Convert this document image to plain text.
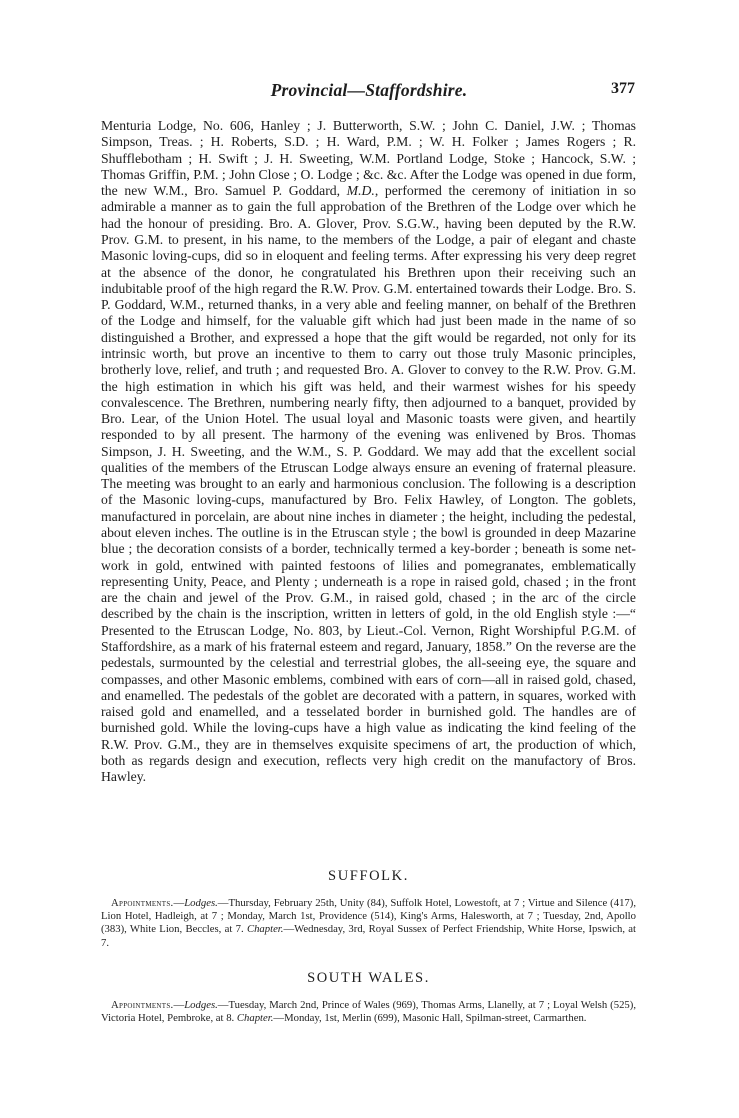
Provincial—Staffordshire.	377

Menturia Lodge, No. 606, Hanley ; J. Butterworth, S.W. ; John C. Daniel, J.W. ; Thomas Simpson, Treas. ; H. Roberts, S.D. ; H. Ward, P.M. ; W. H. Folker ; James Rogers ; R. Shufflebotham ; H. Swift ; J. H. Sweeting, W.M. Portland Lodge, Stoke ; Hancock, S.W. ; Thomas Griffin, P.M. ; John Close ; O. Lodge ; &c. &c. After the Lodge was opened in due form, the new W.M., Bro. Samuel P. Goddard, M.D., performed the ceremony of initiation in so admirable a manner as to gain the full approbation of the Brethren of the Lodge over which he had the honour of presiding. Bro. A. Glover, Prov. S.G.W., having been deputed by the R.W. Prov. G.M. to present, in his name, to the members of the Lodge, a pair of elegant and chaste Masonic loving-cups, did so in eloquent and feeling terms. After expressing his very deep regret at the absence of the donor, he congratulated his Brethren upon their receiving such an indubitable proof of the high regard the R.W. Prov. G.M. entertained towards their Lodge. Bro. S. P. Goddard, W.M., returned thanks, in a very able and feeling manner, on behalf of the Brethren of the Lodge and himself, for the valuable gift which had just been made in the name of so distinguished a Brother, and expressed a hope that the gift would be regarded, not only for its intrinsic worth, but prove an incentive to them to carry out those truly Masonic principles, brotherly love, relief, and truth ; and requested Bro. A. Glover to convey to the R.W. Prov. G.M. the high estimation in which his gift was held, and their warmest wishes for his speedy convalescence. The Brethren, numbering nearly fifty, then adjourned to a banquet, provided by Bro. Lear, of the Union Hotel. The usual loyal and Masonic toasts were given, and heartily responded to by all present. The harmony of the evening was enlivened by Bros. Thomas Simpson, J. H. Sweeting, and the W.M., S. P. Goddard. We may add that the excellent social qualities of the members of the Etruscan Lodge always ensure an evening of fraternal pleasure. The meeting was brought to an early and harmonious conclusion. The following is a description of the Masonic loving-cups, manufactured by Bro. Felix Hawley, of Longton. The goblets, manufactured in porcelain, are about nine inches in diameter ; the height, including the pedestal, about eleven inches. The outline is in the Etruscan style ; the bowl is grounded in deep Mazarine blue ; the decoration consists of a border, technically termed a key-border ; beneath is some net-work in gold, entwined with painted festoons of lilies and pomegranates, emblematically representing Unity, Peace, and Plenty ; underneath is a rope in raised gold, chased ; in the front are the chain and jewel of the Prov. G.M., in raised gold, chased ; in the arc of the circle described by the chain is the inscription, written in letters of gold, in the old English style :—“ Presented to the Etruscan Lodge, No. 803, by Lieut.-Col. Vernon, Right Worshipful P.G.M. of Staffordshire, as a mark of his fraternal esteem and regard, January, 1858.” On the reverse are the pedestals, surmounted by the celestial and terrestrial globes, the all-seeing eye, the square and compasses, and other Masonic emblems, combined with ears of corn—all in raised gold, chased, and enamelled. The pedestals of the goblet are decorated with a pattern, in squares, worked with raised gold and enamelled, and a tesselated border in burnished gold. The handles are of burnished gold. While the loving-cups have a high value as indicating the kind feeling of the R.W. Prov. G.M., they are in themselves exquisite specimens of art, the production of which, both as regards design and execution, reflects very high credit on the manufactory of Bros. Hawley.

SUFFOLK.
Appointments.—Lodges.—Thursday, February 25th, Unity (84), Suffolk Hotel, Lowestoft, at 7 ; Virtue and Silence (417), Lion Hotel, Hadleigh, at 7 ; Monday, March 1st, Providence (514), King's Arms, Halesworth, at 7 ; Tuesday, 2nd, Apollo (383), White Lion, Beccles, at 7. Chapter.—Wednesday, 3rd, Royal Sussex of Perfect Friendship, White Horse, Ipswich, at 7.
SOUTH WALES.
Appointments.—Lodges.—Tuesday, March 2nd, Prince of Wales (969), Thomas Arms, Llanelly, at 7 ; Loyal Welsh (525), Victoria Hotel, Pembroke, at 8. Chapter.—Monday, 1st, Merlin (699), Masonic Hall, Spilman-street, Carmarthen.
